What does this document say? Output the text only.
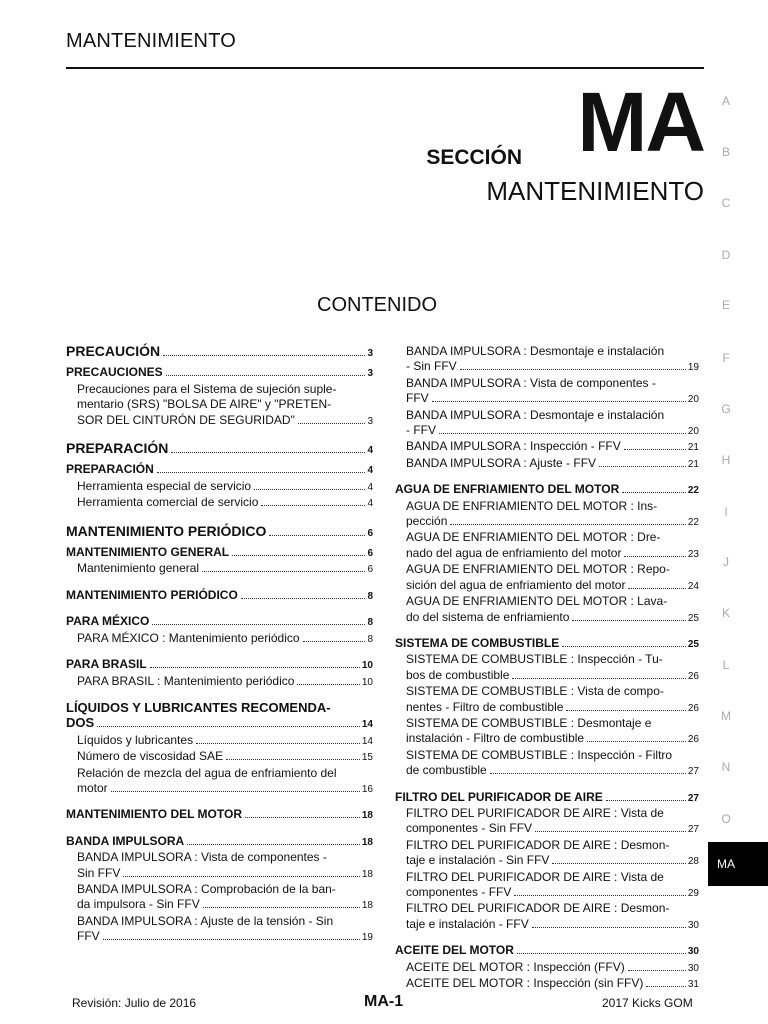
MANTENIMIENTO
SECCIÓN MA
MANTENIMIENTO
CONTENIDO
PRECAUCIÓN	3
PRECAUCIONES	3
Precauciones para el Sistema de sujeción suple-
mentario (SRS) "BOLSA DE AIRE" y "PRETEN-
SOR DEL CINTURÓN DE SEGURIDAD"	3
PREPARACIÓN	4
PREPARACIÓN	4
Herramienta especial de servicio	4
Herramienta comercial de servicio	4
MANTENIMIENTO PERIÓDICO	6
MANTENIMIENTO GENERAL	6
Mantenimiento general	6
MANTENIMIENTO PERIÓDICO	8
PARA MÉXICO	8
PARA MÉXICO : Mantenimiento periódico	8
PARA BRASIL	10
PARA BRASIL : Mantenimiento periódico	10
LÍQUIDOS Y LUBRICANTES RECOMENDA-
DOS	14
Líquidos y lubricantes	14
Número de viscosidad SAE	15
Relación de mezcla del agua de enfriamiento del
motor	16
MANTENIMIENTO DEL MOTOR	18
BANDA IMPULSORA	18
BANDA IMPULSORA : Vista de componentes -
Sin FFV	18
BANDA IMPULSORA : Comprobación de la ban-
da impulsora - Sin FFV	18
BANDA IMPULSORA : Ajuste de la tensión - Sin
FFV	19
BANDA IMPULSORA : Desmontaje e instalación
- Sin FFV	19
BANDA IMPULSORA : Vista de componentes -
FFV	20
BANDA IMPULSORA : Desmontaje e instalación
- FFV	20
BANDA IMPULSORA : Inspección - FFV	21
BANDA IMPULSORA : Ajuste - FFV	21
AGUA DE ENFRIAMIENTO DEL MOTOR	22
AGUA DE ENFRIAMIENTO DEL MOTOR : Ins-
pección	22
AGUA DE ENFRIAMIENTO DEL MOTOR : Dre-
nado del agua de enfriamiento del motor	23
AGUA DE ENFRIAMIENTO DEL MOTOR : Repo-
sición del agua de enfriamiento del motor	24
AGUA DE ENFRIAMIENTO DEL MOTOR : Lava-
do del sistema de enfriamiento	25
SISTEMA DE COMBUSTIBLE	25
SISTEMA DE COMBUSTIBLE : Inspección - Tu-
bos de combustible	26
SISTEMA DE COMBUSTIBLE : Vista de compo-
nentes - Filtro de combustible	26
SISTEMA DE COMBUSTIBLE : Desmontaje e
instalación - Filtro de combustible	26
SISTEMA DE COMBUSTIBLE : Inspección - Filtro
de combustible	27
FILTRO DEL PURIFICADOR DE AIRE	27
FILTRO DEL PURIFICADOR DE AIRE : Vista de
componentes - Sin FFV	27
FILTRO DEL PURIFICADOR DE AIRE : Desmon-
taje e instalación - Sin FFV	28
FILTRO DEL PURIFICADOR DE AIRE : Vista de
componentes - FFV	29
FILTRO DEL PURIFICADOR DE AIRE : Desmon-
taje e instalación - FFV	30
ACEITE DEL MOTOR	30
ACEITE DEL MOTOR : Inspección (FFV)	30
ACEITE DEL MOTOR : Inspección (sin FFV)	31
A
B
C
D
E
F
G
H
I
J
K
L
M
N
O
MA
Revisión: Julio de 2016	MA-1	2017 Kicks GOM
